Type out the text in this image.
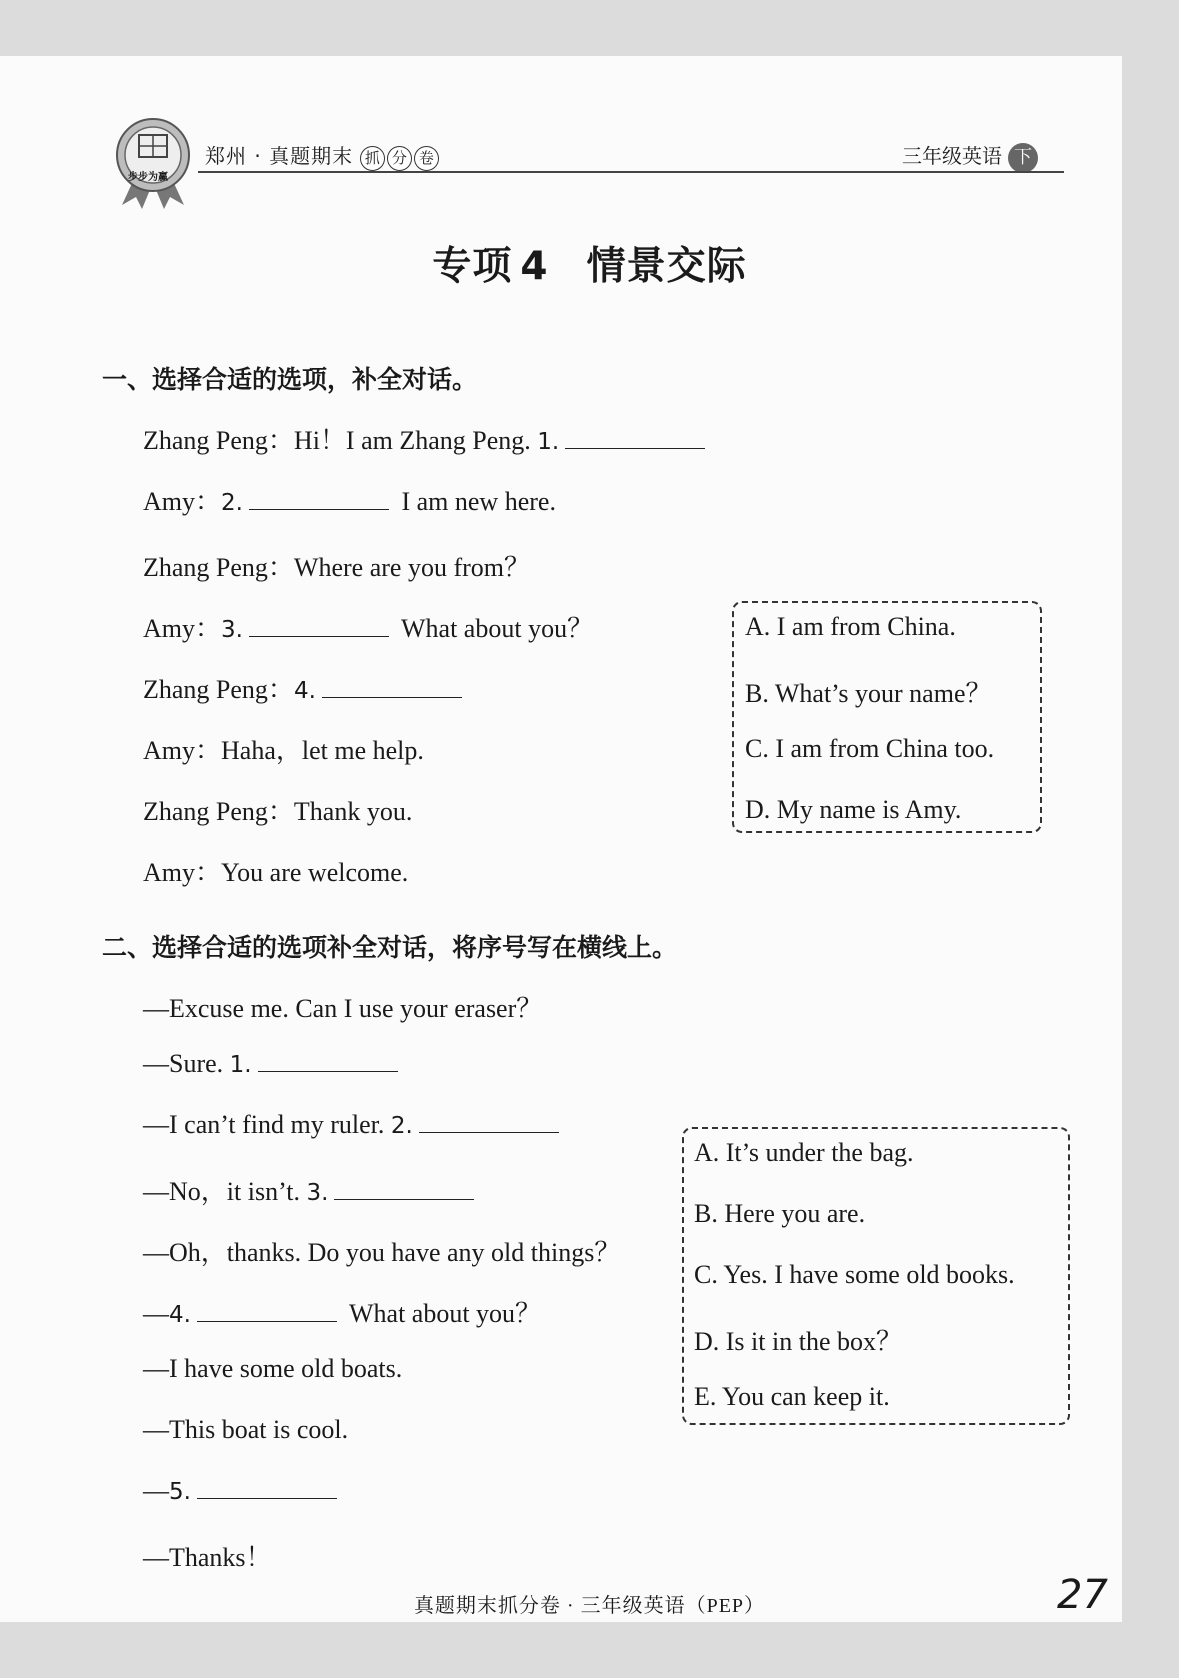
步步为赢
郑州 · 真题期末 抓 分 卷	三年级英语 下
专项 4 情景交际
一、选择合适的选项，补全对话。
Zhang Peng：Hi！I am Zhang Peng. 1.
Amy：2.	I am new here.
Zhang Peng：Where are you from？
Amy：3.	What about you？
Zhang Peng：4.
Amy：Haha，let me help.
Zhang Peng：Thank you.
Amy：You are welcome.
A. I am from China.
B. What’s your name？
C. I am from China too.
D. My name is Amy.
二、选择合适的选项补全对话，将序号写在横线上。
—Excuse me. Can I use your eraser？
—Sure. 1.
—I can’t find my ruler. 2.
—No，it isn’t. 3.
—Oh，thanks. Do you have any old things？
—4.	What about you？
—I have some old boats.
—This boat is cool.
—5.
—Thanks！
A. It’s under the bag.
B. Here you are.
C. Yes. I have some old books.
D. Is it in the box？
E. You can keep it.
真题期末抓分卷 · 三年级英语（PEP）	27
